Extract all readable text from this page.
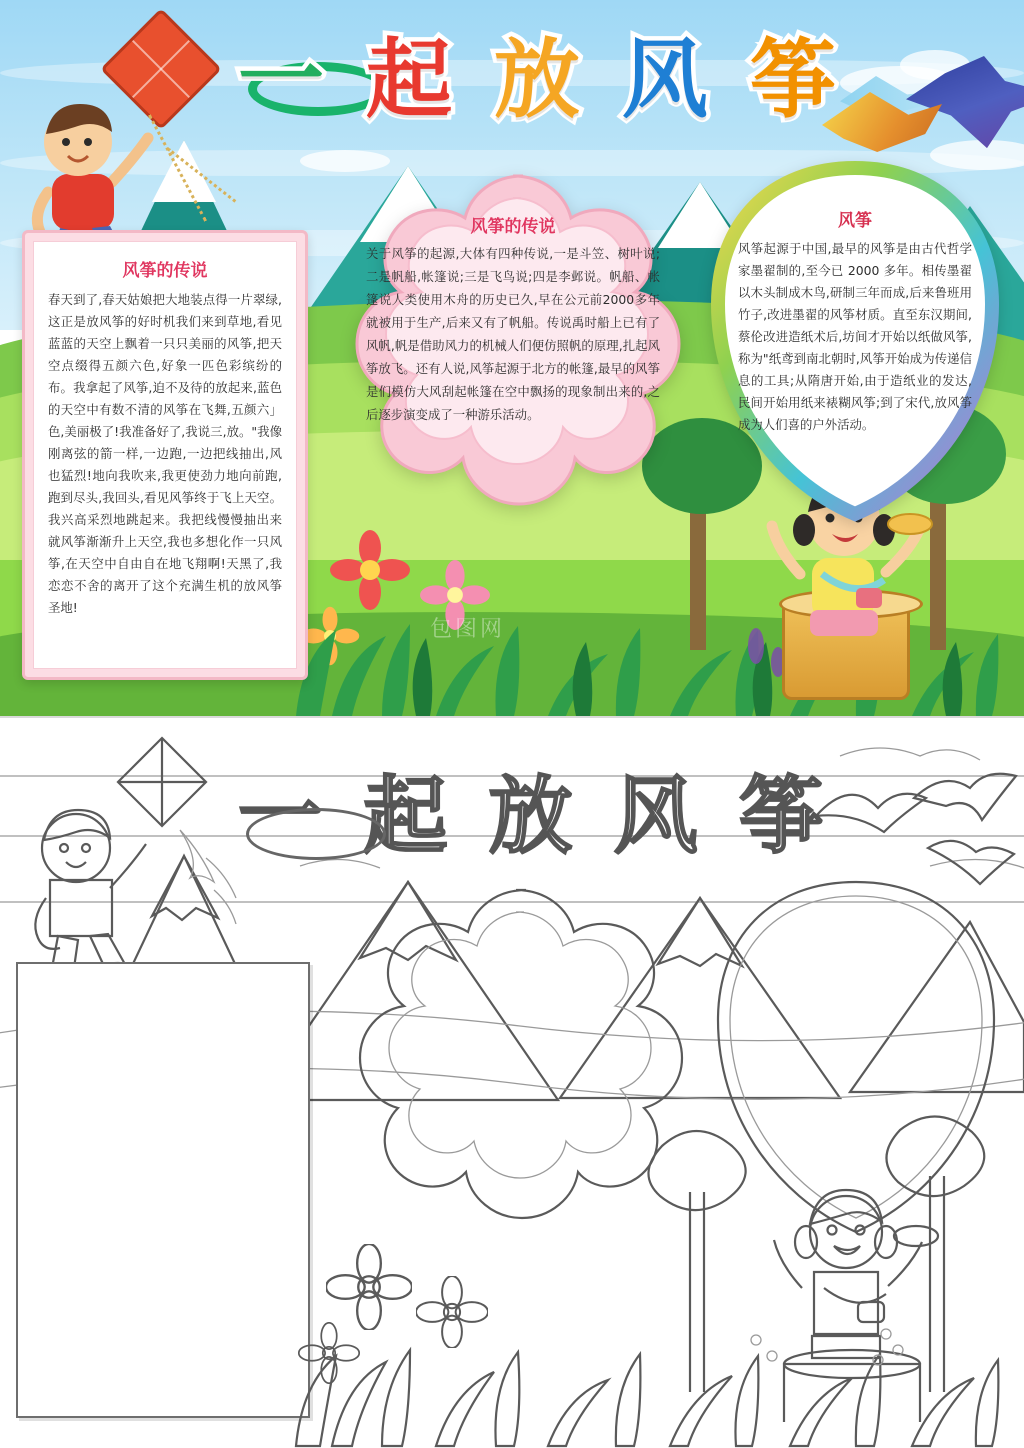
一 起 放 风 筝
风筝的传说
春天到了,春天姑娘把大地装点得一片翠绿,这正是放风筝的好时机我们来到草地,看见蓝蓝的天空上飘着一只只美丽的风筝,把天空点缀得五颜六色,好象一匹色彩缤纷的布。我拿起了风筝,迫不及待的放起来,蓝色的天空中有数不清的风筝在飞舞,五颜六」色,美丽极了!我准备好了,我说三,放。"我像刚离弦的箭一样,一边跑,一边把线抽出,风也猛烈!地向我吹来,我更使劲力地向前跑,跑到尽头,我回头,看见风筝终于飞上天空。我兴高采烈地跳起来。我把线慢慢抽出来就风筝渐渐升上天空,我也多想化作一只风筝,在天空中自由自在地飞翔啊!天黑了,我恋恋不舍的离开了这个充满生机的放风筝圣地!
风筝的传说
关于风筝的起源,大体有四种传说,一是斗笠、树叶说;二是帆船,帐篷说;三是飞鸟说;四是李邺说。帆船、帐篷说人类使用木舟的历史已久,早在公元前2000多年就被用于生产,后来又有了帆船。传说禹时船上已有了风帆,帆是借助风力的机械人们便仿照帆的原理,扎起风筝放飞。还有人说,风筝起源于北方的帐篷,最早的风筝是们模仿大风刮起帐篷在空中飘扬的现象制出来的,之后逐步演变成了一种游乐活动。
风筝
风筝起源于中国,最早的风筝是由古代哲学家墨翟制的,至今已 2000 多年。相传墨翟以木头制成木鸟,研制三年而成,后来鲁班用竹子,改进墨翟的风筝材质。直至东汉期间,蔡伦改进造纸术后,坊间才开始以纸做风筝,称为"纸鸢到南北朝时,风筝开始成为传递信息的工具;从隋唐开始,由于造纸业的发达,民间开始用纸来裱糊风筝;到了宋代,放风筝成为人们喜的户外活动。
包图网
一 起 放 风 筝
